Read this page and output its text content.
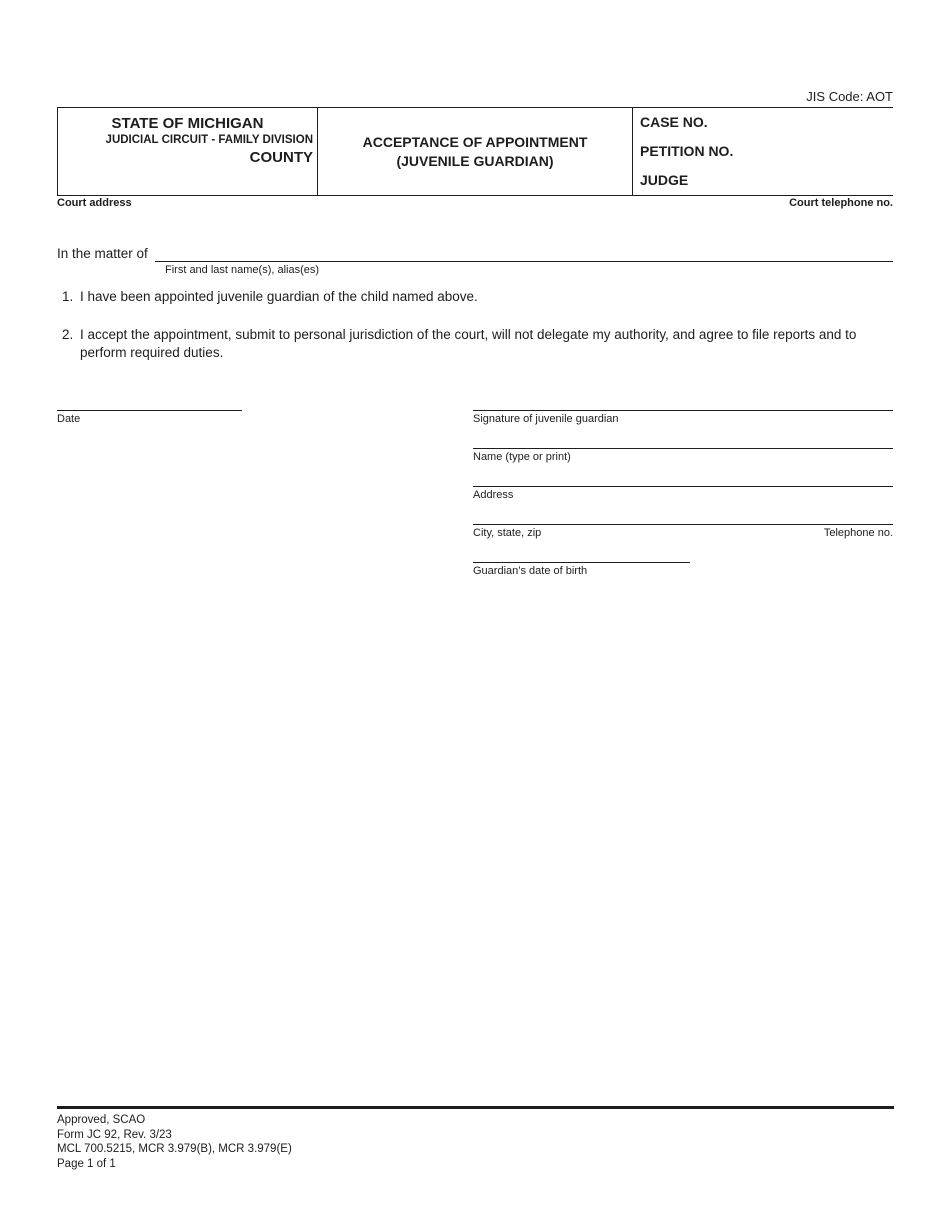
JIS Code: AOT
STATE OF MICHIGAN
JUDICIAL CIRCUIT - FAMILY DIVISION
COUNTY
ACCEPTANCE OF APPOINTMENT
(JUVENILE GUARDIAN)
CASE NO.
PETITION NO.
JUDGE
Court address	Court telephone no.
In the matter of
First and last name(s), alias(es)
1. I have been appointed juvenile guardian of the child named above.
2. I accept the appointment, submit to personal jurisdiction of the court, will not delegate my authority, and agree to file reports and to perform required duties.
Date	Signature of juvenile guardian
Name (type or print)
Address
City, state, zip	Telephone no.
Guardian’s date of birth
Approved, SCAO
Form JC 92, Rev. 3/23
MCL 700.5215, MCR 3.979(B), MCR 3.979(E)
Page 1 of 1
